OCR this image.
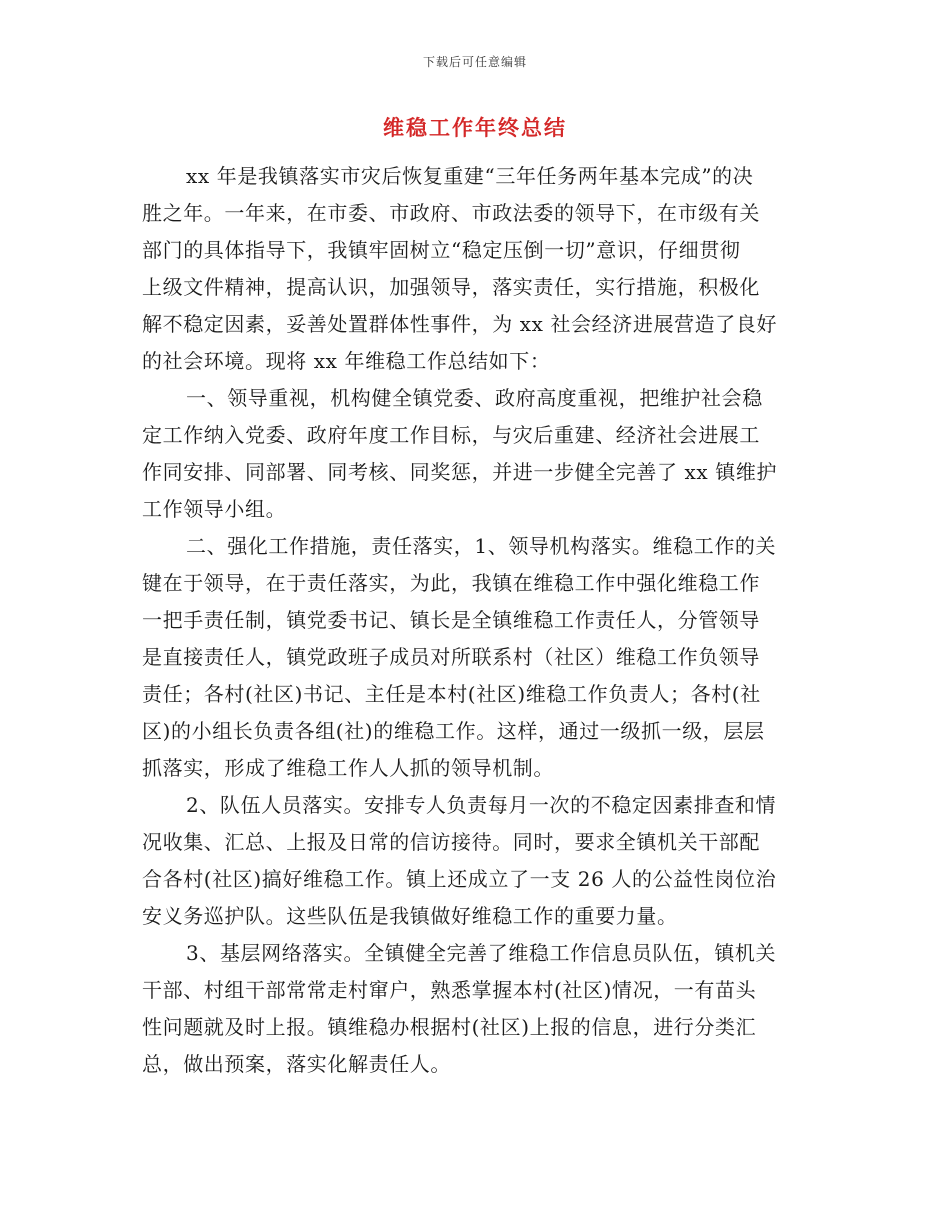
下载后可任意编辑
维稳工作年终总结
xx 年是我镇落实市灾后恢复重建“三年任务两年基本完成”的决
胜之年。一年来，在市委、市政府、市政法委的领导下，在市级有关
部门的具体指导下，我镇牢固树立“稳定压倒一切”意识，仔细贯彻
上级文件精神，提高认识，加强领导，落实责任，实行措施，积极化
解不稳定因素，妥善处置群体性事件，为 xx 社会经济进展营造了良好
的社会环境。现将 xx 年维稳工作总结如下：
一、领导重视，机构健全镇党委、政府高度重视，把维护社会稳
定工作纳入党委、政府年度工作目标，与灾后重建、经济社会进展工
作同安排、同部署、同考核、同奖惩，并进一步健全完善了 xx 镇维护
工作领导小组。
二、强化工作措施，责任落实，1、领导机构落实。维稳工作的关
键在于领导，在于责任落实，为此，我镇在维稳工作中强化维稳工作
一把手责任制，镇党委书记、镇长是全镇维稳工作责任人，分管领导
是直接责任人，镇党政班子成员对所联系村（社区）维稳工作负领导
责任；各村(社区)书记、主任是本村(社区)维稳工作负责人；各村(社
区)的小组长负责各组(社)的维稳工作。这样，通过一级抓一级，层层
抓落实，形成了维稳工作人人抓的领导机制。
2、队伍人员落实。安排专人负责每月一次的不稳定因素排查和情
况收集、汇总、上报及日常的信访接待。同时，要求全镇机关干部配
合各村(社区)搞好维稳工作。镇上还成立了一支 26 人的公益性岗位治
安义务巡护队。这些队伍是我镇做好维稳工作的重要力量。
3、基层网络落实。全镇健全完善了维稳工作信息员队伍，镇机关
干部、村组干部常常走村窜户，熟悉掌握本村(社区)情况，一有苗头
性问题就及时上报。镇维稳办根据村(社区)上报的信息，进行分类汇
总，做出预案，落实化解责任人。
